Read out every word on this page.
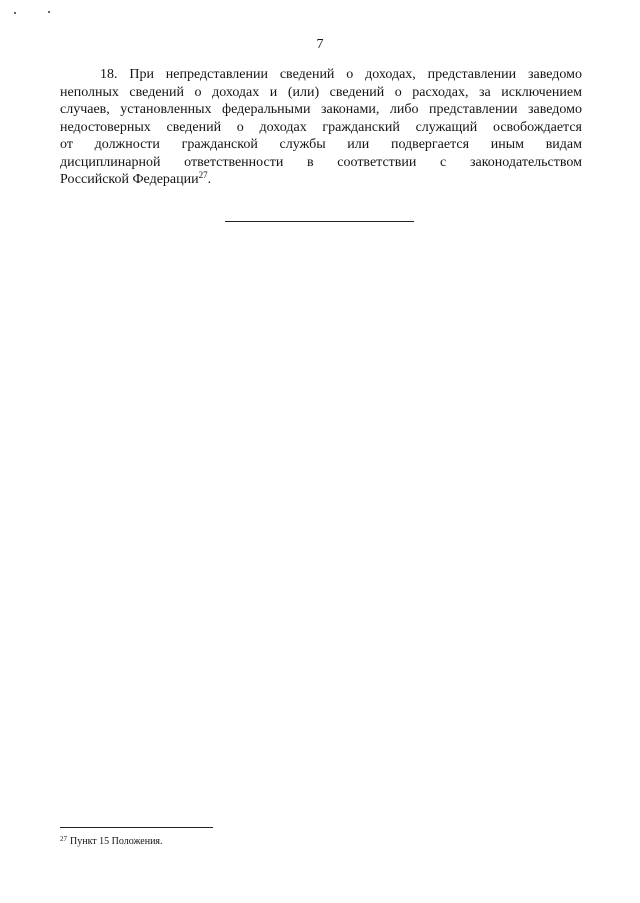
7
18. При непредставлении сведений о доходах, представлении заведомо
неполных сведений о доходах и (или) сведений о расходах, за исключением
случаев, установленных федеральными законами, либо представлении заведомо
недостоверных сведений о доходах гражданский служащий освобождается
от должности гражданской службы или подвергается иным видам
дисциплинарной ответственности в соответствии с законодательством
Российской Федерации$^{27}$.
$^{27}$ Пункт 15 Положения.
